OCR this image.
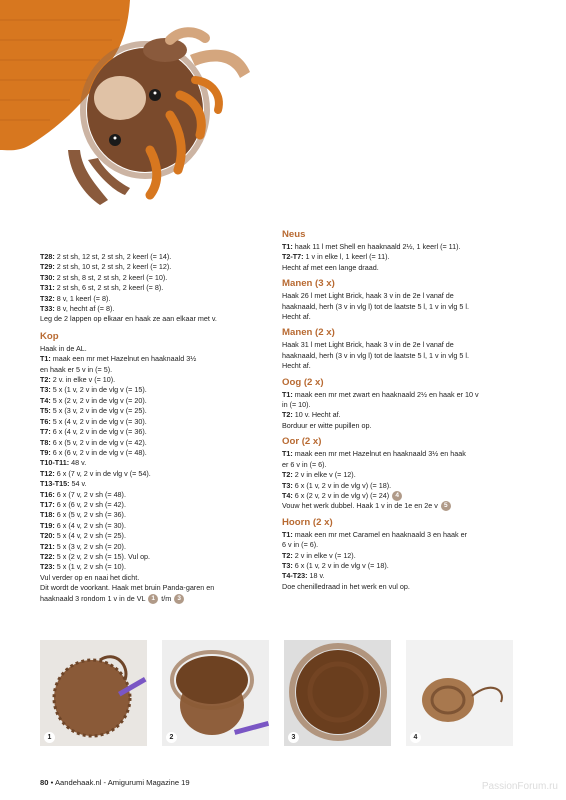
T28: 2 st sh, 12 st, 2 st sh, 2 keerl (= 14).
T29: 2 st sh, 10 st, 2 st sh, 2 keerl (= 12).
T30: 2 st sh, 8 st, 2 st sh, 2 keerl (= 10).
T31: 2 st sh, 6 st, 2 st sh, 2 keerl (= 8).
T32: 8 v, 1 keerl (= 8).
T33: 8 v, hecht af (= 8).
Leg de 2 lappen op elkaar en haak ze aan elkaar met v.
Kop
Haak in de AL.
T1: maak een mr met Hazelnut en haaknaald 3½
en haak er 5 v in (= 5).
T2: 2 v. in elke v (= 10).
T3: 5 x (1 v, 2 v in de vlg v (= 15).
T4: 5 x (2 v, 2 v in de vlg v (= 20).
T5: 5 x (3 v, 2 v in de vlg v (= 25).
T6: 5 x (4 v, 2 v in de vlg v (= 30).
T7: 6 x (4 v, 2 v in de vlg v (= 36).
T8: 6 x (5 v, 2 v in de vlg v (= 42).
T9: 6 x (6 v, 2 v in de vlg v (= 48).
T10-T11: 48 v.
T12: 6 x (7 v, 2 v in de vlg v (= 54).
T13-T15: 54 v.
T16: 6 x (7 v, 2 v sh (= 48).
T17: 6 x (6 v, 2 v sh (= 42).
T18: 6 x (5 v, 2 v sh (= 36).
T19: 6 x (4 v, 2 v sh (= 30).
T20: 5 x (4 v, 2 v sh (= 25).
T21: 5 x (3 v, 2 v sh (= 20).
T22: 5 x (2 v, 2 v sh (= 15). Vul op.
T23: 5 x (1 v, 2 v sh (= 10).
Vul verder op en naai het dicht.
Dit wordt de voorkant. Haak met bruin Panda-garen en
haaknaald 3 rondom 1 v in de VL 1 t/m 3
Neus
T1: haak 11 l met Shell en haaknaald 2½, 1 keerl (= 11).
T2-T7: 1 v in elke l, 1 keerl (= 11).
Hecht af met een lange draad.
Manen (3 x)
Haak 26 l met Light Brick, haak 3 v in de 2e l vanaf de
haaknaald, herh (3 v in vlg l) tot de laatste 5 l, 1 v in vlg 5 l.
Hecht af.
Manen (2 x)
Haak 31 l met Light Brick, haak 3 v in de 2e l vanaf de
haaknaald, herh (3 v in vlg l) tot de laatste 5 l, 1 v in vlg 5 l.
Hecht af.
Oog (2 x)
T1: maak een mr met zwart en haaknaald 2½ en haak er 10 v
in (= 10).
T2: 10 v. Hecht af.
Borduur er witte pupillen op.
Oor (2 x)
T1: maak een mr met Hazelnut en haaknaald 3½ en haak
er 6 v in (= 6).
T2: 2 v in elke v (= 12).
T3: 6 x (1 v, 2 v in de vlg v) (= 18).
T4: 6 x (2 v, 2 v in de vlg v) (= 24) 4
Vouw het werk dubbel. Haak 1 v in de 1e en 2e v 5
Hoorn (2 x)
T1: maak een mr met Caramel en haaknaald 3 en haak er
6 v in (= 6).
T2: 2 v in elke v (= 12).
T3: 6 x (1 v, 2 v in de vlg v (= 18).
T4-T23: 18 v.
Doe chenilledraad in het werk en vul op.
1	2	3	4
80 • Aandehaak.nl - Amigurumi Magazine 19	PassionForum.ru
